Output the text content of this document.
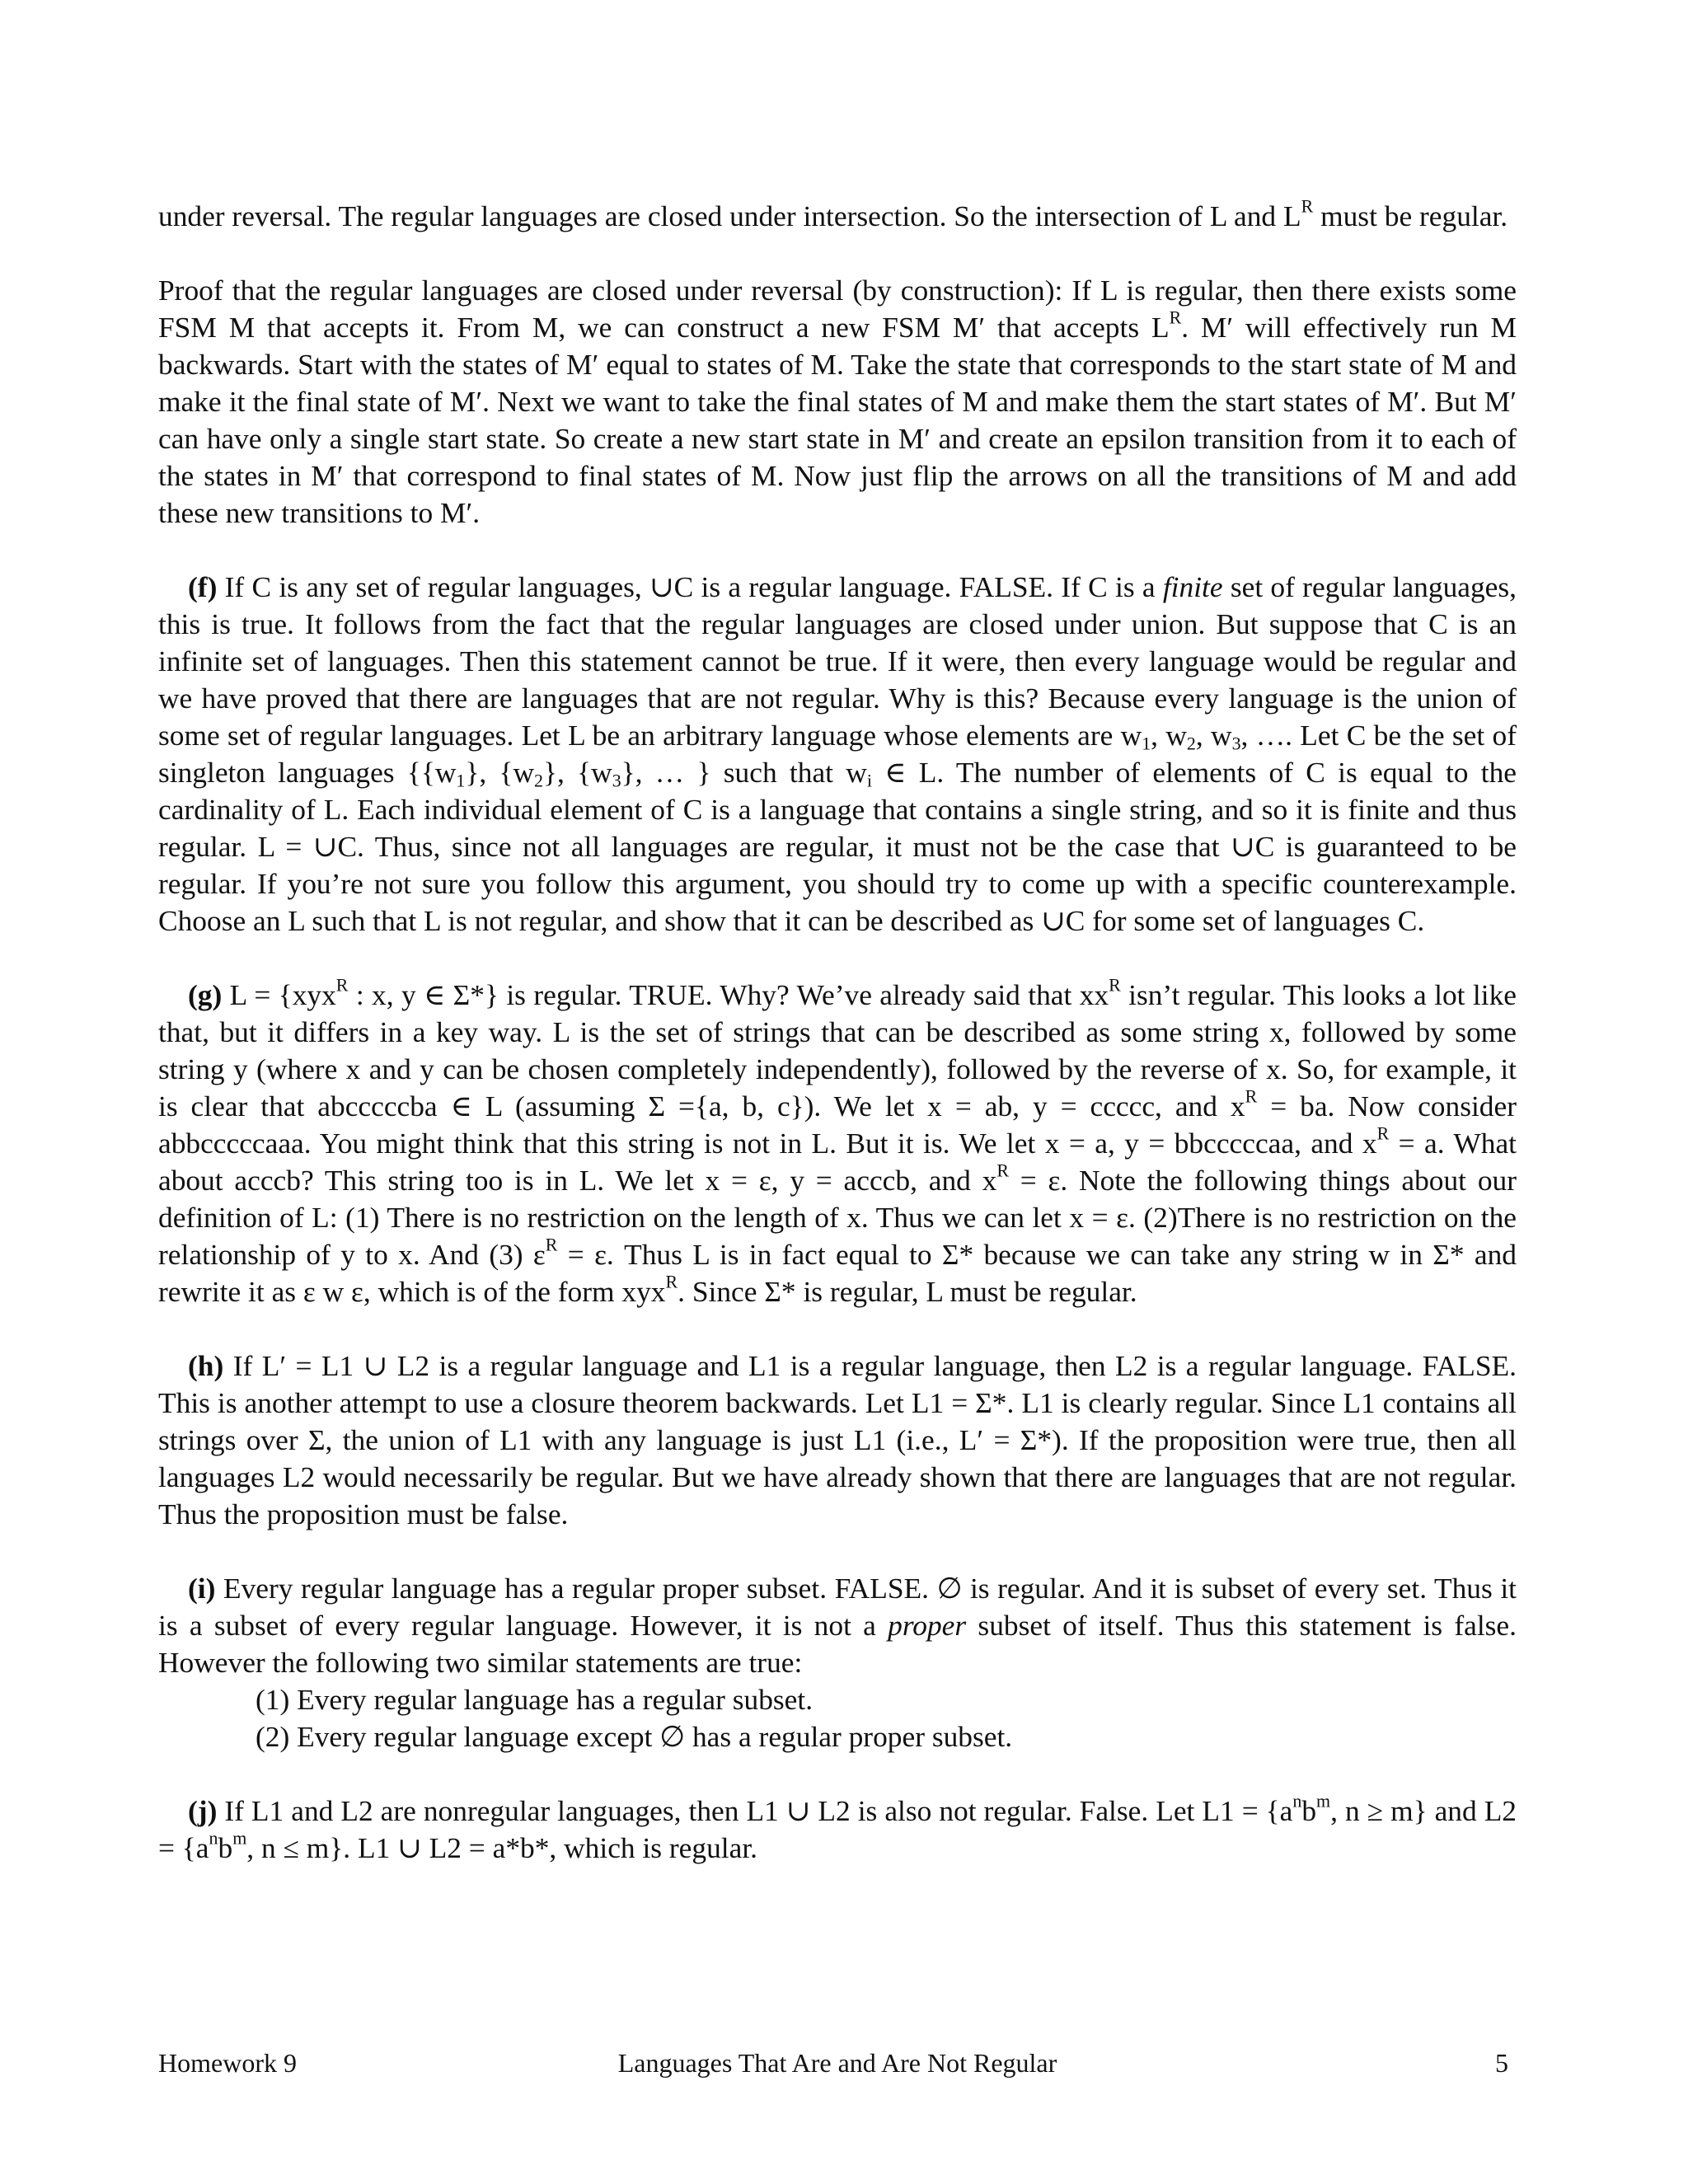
under reversal. The regular languages are closed under intersection. So the intersection of L and $L^R$ must be regular.

Proof that the regular languages are closed under reversal (by construction): If L is regular, then there exists some FSM M that accepts it. From M, we can construct a new FSM M′ that accepts $L^R$. M′ will effectively run M backwards. Start with the states of M′ equal to states of M. Take the state that corresponds to the start state of M and make it the final state of M′. Next we want to take the final states of M and make them the start states of M′. But M′ can have only a single start state. So create a new start state in M′ and create an epsilon transition from it to each of the states in M′ that correspond to final states of M. Now just flip the arrows on all the transitions of M and add these new transitions to M′.

(f) If C is any set of regular languages, ∪C is a regular language. FALSE. If C is a finite set of regular languages, this is true. It follows from the fact that the regular languages are closed under union. But suppose that C is an infinite set of languages. Then this statement cannot be true. If it were, then every language would be regular and we have proved that there are languages that are not regular. Why is this? Because every language is the union of some set of regular languages. Let L be an arbitrary language whose elements are $w_1$, $w_2$, $w_3$, …. Let C be the set of singleton languages {$\{w_1\}$, $\{w_2\}$, $\{w_3\}$, … } such that $w_i$ ∈ L. The number of elements of C is equal to the cardinality of L. Each individual element of C is a language that contains a single string, and so it is finite and thus regular. L = ∪C. Thus, since not all languages are regular, it must not be the case that ∪C is guaranteed to be regular. If you’re not sure you follow this argument, you should try to come up with a specific counterexample. Choose an L such that L is not regular, and show that it can be described as ∪C for some set of languages C.

(g) L = {xyx$^R$ : x, y ∈ Σ*} is regular. TRUE. Why? We’ve already said that $xx^R$ isn’t regular. This looks a lot like that, but it differs in a key way. L is the set of strings that can be described as some string x, followed by some string y (where x and y can be chosen completely independently), followed by the reverse of x. So, for example, it is clear that abcccccba ∈ L (assuming Σ ={a, b, c}). We let x = ab, y = ccccc, and $x^R$ = ba. Now consider abbcccccaaa. You might think that this string is not in L. But it is. We let x = a, y = bbcccccaa, and $x^R = a$. What about acccb? This string too is in L. We let x = ε, y = acccb, and $x^R = \varepsilon$. Note the following things about our definition of L: (1) There is no restriction on the length of x. Thus we can let x = ε. (2)There is no restriction on the relationship of y to x. And (3) $\varepsilon^R = \varepsilon$. Thus L is in fact equal to Σ* because we can take any string w in Σ* and rewrite it as ε w ε, which is of the form xyx$^R$. Since Σ* is regular, L must be regular.

(h) If L′ = L1 ∪ L2 is a regular language and L1 is a regular language, then L2 is a regular language. FALSE. This is another attempt to use a closure theorem backwards. Let L1 = Σ*. L1 is clearly regular. Since L1 contains all strings over Σ, the union of L1 with any language is just L1 (i.e., L′ = Σ*). If the proposition were true, then all languages L2 would necessarily be regular. But we have already shown that there are languages that are not regular. Thus the proposition must be false.

(i) Every regular language has a regular proper subset. FALSE. ∅ is regular. And it is subset of every set. Thus it is a subset of every regular language. However, it is not a proper subset of itself. Thus this statement is false. However the following two similar statements are true:

(1) Every regular language has a regular subset.
(2) Every regular language except ∅ has a regular proper subset.

(j) If L1 and L2 are nonregular languages, then L1 ∪ L2 is also not regular. False. Let $L1 = \{a^nb^m$, n ≥ m} and $L2 = \{a^nb^m$, n ≤ m}. L1 ∪ L2 = a*b*, which is regular.

Homework 9	Languages That Are and Are Not Regular	5
